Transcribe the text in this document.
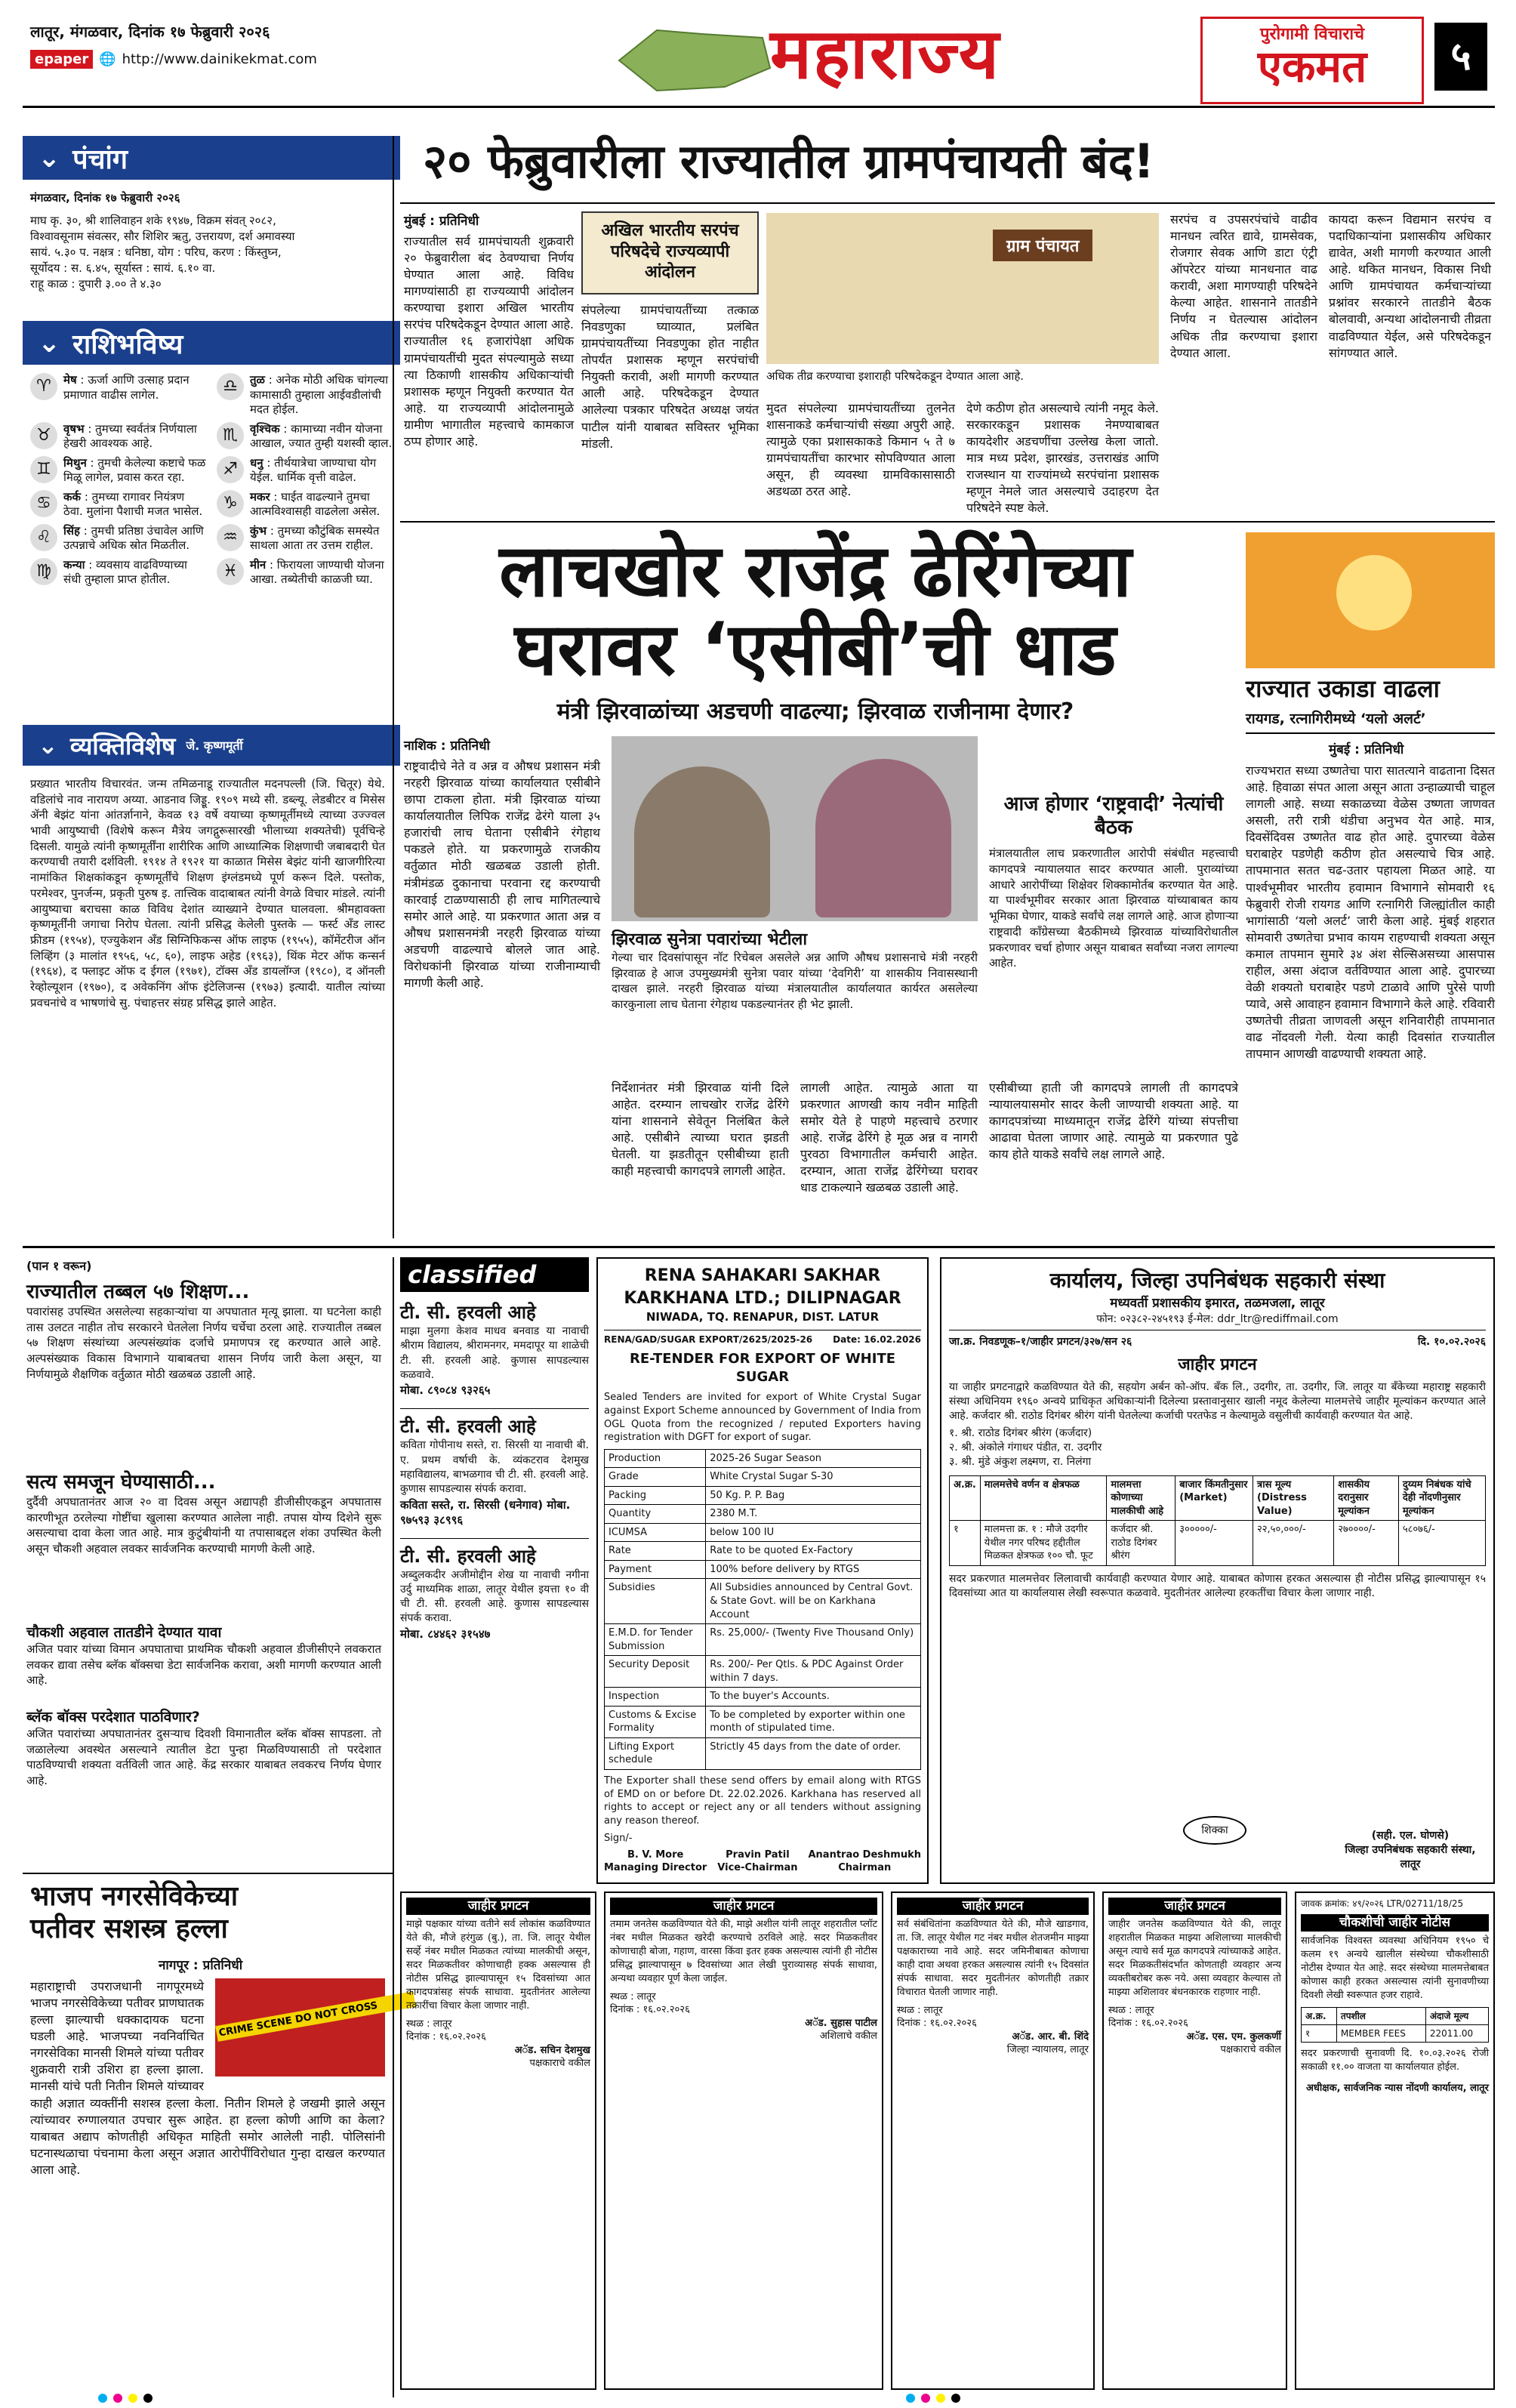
लातूर, मंगळवार, दिनांक १७ फेब्रुवारी २०२६
epaper 🌐 http://www.dainikekmat.com	महाराज्य	पुरोगामी विचाराचे
एकमत	५
⌄ पंचांग
मंगळवार, दिनांक १७ फेब्रुवारी २०२६
माघ कृ. ३०, श्री शालिवाहन शके १९४७, विक्रम संवत् २०८२,
विश्वावसूनाम संवत्सर, सौर शिशिर ऋतु, उत्तरायण, दर्श अमावस्या
सायं. ५.३० प. नक्षत्र : धनिष्ठा, योग : परिघ, करण : किंस्तुघ्न,
सूर्योदय : स. ६.४५, सूर्यास्त : सायं. ६.१० वा.
राहू काळ : दुपारी ३.०० ते ४.३०
⌄ राशिभविष्य
♈	मेष : ऊर्जा आणि उत्साह प्रदान प्रमाणात वाढीस लागेल.	♎	तुळ : अनेक मोठी अधिक चांगल्या कामासाठी तुम्हाला आईवडीलांची मदत होईल.
♉	वृषभ : तुमच्या स्वर्वतंत्र निर्णयाला हेखरी आवश्यक आहे.	♏	वृश्चिक : कामाच्या नवीन योजना आखाल, ज्यात तुम्ही यशस्वी व्हाल.
♊	मिथुन : तुमची केलेल्या कष्टाचे फळ मिळू लागेल, प्रवास करत रहा.	♐	धनु : तीर्थयात्रेचा जाण्याचा योग येईल. धार्मिक वृत्ती वाढेल.
♋	कर्क : तुमच्या रागावर नियंत्रण ठेवा. मुलांना पैशाची मजत भासेल.	♑	मकर : घाईत वाढल्याने तुमचा आत्मविश्वासही वाढलेला असेल.
♌	सिंह : तुमची प्रतिष्ठा उंचावेल आणि उत्पन्नाचे अधिक स्रोत मिळतील.	♒	कुंभ : तुमच्या कौटुंबिक समस्येत साथला आता तर उत्तम राहील.
♍	कन्या : व्यवसाय वाढविण्याच्या संधी तुम्हाला प्राप्त होतील.	♓	मीन : फिरायला जाण्याची योजना आखा. तब्येतीची काळजी घ्या.
⌄ व्यक्तिविशेष जे. कृष्णमूर्ती
प्रख्यात भारतीय विचारवंत. जन्म तमिळनाडू राज्यातील मदनपल्ली (जि. चितूर) येथे. वडिलांचे नाव नारायण अय्या. आडनाव जिड्डू. १९०९ मध्ये सी. डब्ल्यू. लेडबीटर व मिसेस ॲनी बेझंट यांना आंतर्ज्ञानाने, केवळ १३ वर्षे वयाच्या कृष्णमूर्तीमध्ये त्याच्या उज्ज्वल भावी आयुष्याची (विशेषे करून मैत्रेय जगद्गुरूसारखी भीलाच्या शक्यतेची) पूर्वचिन्हे दिसली. यामुळे त्यांनी कृष्णमूर्तींना शारीरिक आणि आध्यात्मिक शिक्षणाची जबाबदारी घेत करण्याची तयारी दर्शविली. १९१४ ते १९२१ या काळात मिसेस बेझंट यांनी खाजगीरित्या नामांकित शिक्षकांकडून कृष्णमूर्तींचे शिक्षण इंग्लंडमध्ये पूर्ण करून दिले. पस्तोक, परमेश्वर, पुनर्जन्म, प्रकृती पुरुष इ. तात्त्विक वादाबाबत त्यांनी वेगळे विचार मांडले. त्यांनी आयुष्याचा बराचसा काळ विविध देशांत व्याख्याने देण्यात घालवला. श्रीमहावक्ता कृष्णमूर्तींनी जगाचा निरोप घेतला. त्यांनी प्रसिद्ध केलेली पुस्तके — फर्स्ट अँड लास्ट फ्रीडम (१९५४), एज्युकेशन अँड सिग्निफिकन्स ऑफ लाइफ (१९५५), कॉमेंटरीज ऑन लिव्हिंग (३ मालांत १९५६, ५८, ६०), लाइफ अहेड (१९६३), थिंक मेटर ऑफ कन्सर्न (१९६४), द फ्लाइट ऑफ द ईगल (१९७१), टॉक्स अँड डायलॉग्ज (१९८०), द ऑनली रेव्होल्यूशन (१९७०), द अवेकनिंग ऑफ इंटेलिजन्स (१९७३) इत्यादी. यातील त्यांच्या प्रवचनांचे व भाषणांचे सु. पंचाहत्तर संग्रह प्रसिद्ध झाले आहेत.
२० फेब्रुवारीला राज्यातील ग्रामपंचायती बंद!
मुंबई : प्रतिनिधी
राज्यातील सर्व ग्रामपंचायती शुक्रवारी २० फेब्रुवारीला बंद ठेवण्याचा निर्णय घेण्यात आला आहे. विविध मागण्यांसाठी हा राज्यव्यापी आंदोलन करण्याचा इशारा अखिल भारतीय सरपंच परिषदेकडून देण्यात आला आहे. राज्यातील १६ हजारांपेक्षा अधिक ग्रामपंचायतींची मुदत संपल्यामुळे सध्या त्या ठिकाणी शासकीय अधिकाऱ्यांची प्रशासक म्हणून नियुक्ती करण्यात येत आहे. या राज्यव्यापी आंदोलनामुळे ग्रामीण भागातील महत्त्वाचे कामकाज ठप्प होणार आहे.
अखिल भारतीय सरपंच परिषदेचे राज्यव्यापी आंदोलन
संपलेल्या ग्रामपंचायतींच्या तत्काळ निवडणुका घ्याव्यात, प्रलंबित ग्रामपंचायतींच्या निवडणुका होत नाहीत तोपर्यंत प्रशासक म्हणून सरपंचांची नियुक्ती करावी, अशी मागणी करण्यात आली आहे. परिषदेकडून देण्यात आलेल्या पत्रकार परिषदेत अध्यक्ष जयंत पाटील यांनी याबाबत सविस्तर भूमिका मांडली.
ग्राम पंचायत
अधिक तीव्र करण्याचा इशाराही परिषदेकडून देण्यात आला आहे.
मुदत संपलेल्या ग्रामपंचायतींच्या तुलनेत शासनाकडे कर्मचाऱ्यांची संख्या अपुरी आहे. त्यामुळे एका प्रशासकाकडे किमान ५ ते ७ ग्रामपंचायतींचा कारभार सोपविण्यात आला असून, ही व्यवस्था ग्रामविकासासाठी अडथळा ठरत आहे.
देणे कठीण होत असल्याचे त्यांनी नमूद केले. सरकारकडून प्रशासक नेमण्याबाबत कायदेशीर अडचणींचा उल्लेख केला जातो. मात्र मध्य प्रदेश, झारखंड, उत्तराखंड आणि राजस्थान या राज्यांमध्ये सरपंचांना प्रशासक म्हणून नेमले जात असल्याचे उदाहरण देत परिषदेने स्पष्ट केले.
सरपंच व उपसरपंचांचे वाढीव मानधन त्वरित द्यावे, ग्रामसेवक, रोजगार सेवक आणि डाटा एंट्री ऑपरेटर यांच्या मानधनात वाढ करावी, अशा मागण्याही परिषदेने केल्या आहेत. शासनाने तातडीने निर्णय न घेतल्यास आंदोलन अधिक तीव्र करण्याचा इशारा देण्यात आला.
कायदा करून विद्यमान सरपंच व पदाधिकाऱ्यांना प्रशासकीय अधिकार द्यावेत, अशी मागणी करण्यात आली आहे. थकित मानधन, विकास निधी आणि ग्रामपंचायत कर्मचाऱ्यांच्या प्रश्नांवर सरकारने तातडीने बैठक बोलवावी, अन्यथा आंदोलनाची तीव्रता वाढविण्यात येईल, असे परिषदेकडून सांगण्यात आले.
लाचखोर राजेंद्र ढेरिंगेच्या
घरावर ‘एसीबी’ची धाड
मंत्री झिरवाळांच्या अडचणी वाढल्या; झिरवाळ राजीनामा देणार?
नाशिक : प्रतिनिधी
राष्ट्रवादीचे नेते व अन्न व औषध प्रशासन मंत्री नरहरी झिरवाळ यांच्या कार्यालयात एसीबीने छापा टाकला होता. मंत्री झिरवाळ यांच्या कार्यालयातील लिपिक राजेंद्र ढेरंगे याला ३५ हजारांची लाच घेताना एसीबीने रंगेहाथ पकडले होते. या प्रकरणामुळे राजकीय वर्तुळात मोठी खळबळ उडाली होती. मंत्रीमंडळ दुकानाचा परवाना रद्द करण्याची कारवाई टाळण्यासाठी ही लाच मागितल्याचे समोर आले आहे. या प्रकरणात आता अन्न व औषध प्रशासनमंत्री नरहरी झिरवाळ यांच्या अडचणी वाढल्याचे बोलले जात आहे. विरोधकांनी झिरवाळ यांच्या राजीनाम्याची मागणी केली आहे.
झिरवाळ सुनेत्रा पवारांच्या भेटीला
गेल्या चार दिवसांपासून नॉट रिचेबल असलेले अन्न आणि औषध प्रशासनाचे मंत्री नरहरी झिरवाळ हे आज उपमुख्यमंत्री सुनेत्रा पवार यांच्या ‘देवगिरी’ या शासकीय निवासस्थानी दाखल झाले. नरहरी झिरवाळ यांच्या मंत्रालयातील कार्यालयात कार्यरत असलेल्या कारकुनाला लाच घेताना रंगेहाथ पकडल्यानंतर ही भेट झाली.
आज होणार ‘राष्ट्रवादी’ नेत्यांची बैठक
मंत्रालयातील लाच प्रकरणातील आरोपी संबंधीत महत्त्वाची कागदपत्रे न्यायालयात सादर करण्यात आली. पुराव्यांच्या आधारे आरोपींच्या शिक्षेवर शिक्कामोर्तब करण्यात येत आहे. या पार्श्वभूमीवर सरकार आता झिरवाळ यांच्याबाबत काय भूमिका घेणार, याकडे सर्वांचे लक्ष लागले आहे. आज होणाऱ्या राष्ट्रवादी काँग्रेसच्या बैठकीमध्ये झिरवाळ यांच्याविरोधातील प्रकरणावर चर्चा होणार असून याबाबत सर्वांच्या नजरा लागल्या आहेत.
निर्देशानंतर मंत्री झिरवाळ यांनी दिले आहेत. दरम्यान लाचखोर राजेंद्र ढेरिंगे यांना शासनाने सेवेतून निलंबित केले आहे. एसीबीने त्याच्या घरात झडती घेतली. या झडतीतून एसीबीच्या हाती काही महत्त्वाची कागदपत्रे लागली आहेत.
लागली आहेत. त्यामुळे आता या प्रकरणात आणखी काय नवीन माहिती समोर येते हे पाहणे महत्त्वाचे ठरणार आहे. राजेंद्र ढेरिंगे हे मूळ अन्न व नागरी पुरवठा विभागातील कर्मचारी आहेत. दरम्यान, आता राजेंद्र ढेरिंगेच्या घरावर धाड टाकल्याने खळबळ उडाली आहे.
एसीबीच्या हाती जी कागदपत्रे लागली ती कागदपत्रे न्यायालयासमोर सादर केली जाण्याची शक्यता आहे. या कागदपत्रांच्या माध्यमातून राजेंद्र ढेरिंगे यांच्या संपत्तीचा आढावा घेतला जाणार आहे. त्यामुळे या प्रकरणात पुढे काय होते याकडे सर्वांचे लक्ष लागले आहे.
राज्यात उकाडा वाढला
रायगड, रत्नागिरीमध्ये ‘यलो अलर्ट’
मुंबई : प्रतिनिधी
राज्यभरात सध्या उष्णतेचा पारा सातत्याने वाढताना दिसत आहे. हिवाळा संपत आला असून आता उन्हाळ्याची चाहूल लागली आहे. सध्या सकाळच्या वेळेस उष्णता जाणवत असली, तरी रात्री थंडीचा अनुभव येत आहे. मात्र, दिवसेंदिवस उष्णतेत वाढ होत आहे. दुपारच्या वेळेस घराबाहेर पडणेही कठीण होत असल्याचे चित्र आहे. तापमानात सतत चढ-उतार पहायला मिळत आहे. या पार्श्वभूमीवर भारतीय हवामान विभागाने सोमवारी १६ फेब्रुवारी रोजी रायगड आणि रत्नागिरी जिल्ह्यांतील काही भागांसाठी ‘यलो अलर्ट’ जारी केला आहे. मुंबई शहरात सोमवारी उष्णतेचा प्रभाव कायम राहण्याची शक्यता असून कमाल तापमान सुमारे ३४ अंश सेल्सिअसच्या आसपास राहील, असा अंदाज वर्तविण्यात आला आहे. दुपारच्या वेळी शक्यतो घराबाहेर पडणे टाळावे आणि पुरेसे पाणी प्यावे, असे आवाहन हवामान विभागाने केले आहे. रविवारी उष्णतेची तीव्रता जाणवली असून शनिवारीही तापमानात वाढ नोंदवली गेली. येत्या काही दिवसांत राज्यातील तापमान आणखी वाढण्याची शक्यता आहे.
(पान १ वरून)
राज्यातील तब्बल ५७ शिक्षण...
पवारांसह उपस्थित असलेल्या सहकाऱ्यांचा या अपघातात मृत्यू झाला. या घटनेला काही तास उलटत नाहीत तोच सरकारने घेतलेला निर्णय चर्चेचा ठरला आहे. राज्यातील तब्बल ५७ शिक्षण संस्थांच्या अल्पसंख्यांक दर्जाचे प्रमाणपत्र रद्द करण्यात आले आहे. अल्पसंख्याक विकास विभागाने याबाबतचा शासन निर्णय जारी केला असून, या निर्णयामुळे शैक्षणिक वर्तुळात मोठी खळबळ उडाली आहे.
सत्य समजून घेण्यासाठी...
दुर्दैवी अपघातानंतर आज २० वा दिवस असून अद्यापही डीजीसीएकडून अपघातास कारणीभूत ठरलेल्या गोष्टींचा खुलासा करण्यात आलेला नाही. तपास योग्य दिशेने सुरू असल्याचा दावा केला जात आहे. मात्र कुटुंबीयांनी या तपासाबद्दल शंका उपस्थित केली असून चौकशी अहवाल लवकर सार्वजनिक करण्याची मागणी केली आहे.
चौकशी अहवाल तातडीने देण्यात यावा
अजित पवार यांच्या विमान अपघाताचा प्राथमिक चौकशी अहवाल डीजीसीएने लवकरात लवकर द्यावा तसेच ब्लॅक बॉक्सचा डेटा सार्वजनिक करावा, अशी मागणी करण्यात आली आहे.
ब्लॅक बॉक्स परदेशात पाठविणार?
अजित पवारांच्या अपघातानंतर दुसऱ्याच दिवशी विमानातील ब्लॅक बॉक्स सापडला. तो जळालेल्या अवस्थेत असल्याने त्यातील डेटा पुन्हा मिळविण्यासाठी तो परदेशात पाठविण्याची शक्यता वर्तविली जात आहे. केंद्र सरकार याबाबत लवकरच निर्णय घेणार आहे.
भाजप नगरसेविकेच्या
पतीवर सशस्त्र हल्ला
नागपूर : प्रतिनिधी
CRIME SCENE DO NOT CROSS
महाराष्ट्राची उपराजधानी नागपूरमध्ये भाजप नगरसेविकेच्या पतीवर प्राणघातक हल्ला झाल्याची धक्कादायक घटना घडली आहे. भाजपच्या नवनिर्वाचित नगरसेविका मानसी शिमले यांच्या पतीवर शुक्रवारी रात्री उशिरा हा हल्ला झाला. मानसी यांचे पती नितीन शिमले यांच्यावर काही अज्ञात व्यक्तींनी सशस्त्र हल्ला केला. नितीन शिमले हे जखमी झाले असून त्यांच्यावर रुग्णालयात उपचार सुरू आहेत. हा हल्ला कोणी आणि का केला? याबाबत अद्याप कोणतीही अधिकृत माहिती समोर आलेली नाही. पोलिसांनी घटनास्थळाचा पंचनामा केला असून अज्ञात आरोपींविरोधात गुन्हा दाखल करण्यात आला आहे.
classified
टी. सी. हरवली आहे
माझा मुलगा केशव माधव बनवाड या नावाची श्रीराम विद्यालय, श्रीरामनगर, ममदापूर या शाळेची टी. सी. हरवली आहे. कुणास सापडल्यास कळवावे.
मोबा. ८९०८४ ९३२६५
टी. सी. हरवली आहे
कविता गोपीनाथ सस्ते, रा. सिरसी या नावाची बी. ए. प्रथम वर्षाची के. व्यंकटराव देशमुख महाविद्यालय, बाभळगाव ची टी. सी. हरवली आहे. कुणास सापडल्यास संपर्क करावा.
कविता सस्ते, रा. सिरसी (धनेगाव) मोबा. ९७५९३ ३८९९६
टी. सी. हरवली आहे
अब्दुलकदीर अजीमोद्दीन शेख या नावाची नगीना उर्दु माध्यमिक शाळा, लातूर येथील इयत्ता १० वी ची टी. सी. हरवली आहे. कुणास सापडल्यास संपर्क करावा.
मोबा. ८४४६२ ३१५४७
RENA SAHAKARI SAKHAR
KARKHANA LTD.; DILIPNAGAR
NIWADA, TQ. RENAPUR, DIST. LATUR
RENA/GAD/SUGAR EXPORT/2625/2025-26 Date: 16.02.2026
RE-TENDER FOR EXPORT OF WHITE SUGAR
Sealed Tenders are invited for export of White Crystal Sugar against Export Scheme announced by Government of India from OGL Quota from the recognized / reputed Exporters having registration with DGFT for export of sugar.
Production	2025-26 Sugar Season
Grade	White Crystal Sugar S-30
Packing	50 Kg. P. P. Bag
Quantity	2380 M.T.
ICUMSA	below 100 IU
Rate	Rate to be quoted Ex-Factory
Payment	100% before delivery by RTGS
Subsidies	All Subsidies announced by Central Govt. & State Govt. will be on Karkhana Account
E.M.D. for Tender Submission	Rs. 25,000/- (Twenty Five Thousand Only)
Security Deposit	Rs. 200/- Per Qtls. & PDC Against Order within 7 days.
Inspection	To the buyer's Accounts.
Customs & Excise Formality	To be completed by exporter within one month of stipulated time.
Lifting Export schedule	Strictly 45 days from the date of order.
The Exporter shall these send offers by email along with RTGS of EMD on or before Dt. 22.02.2026. Karkhana has reserved all rights to accept or reject any or all tenders without assigning any reason thereof.
Sign/-
B. V. More
Managing Director
Pravin Patil
Vice-Chairman
Anantrao Deshmukh
Chairman
कार्यालय, जिल्हा उपनिबंधक सहकारी संस्था
मध्यवर्ती प्रशासकीय इमारत, तळमजला, लातूर
फोन: ०२३८२-२४५१९३ ई-मेल: ddr_ltr@rediffmail.com
जा.क्र. निवडणूक–१/जाहीर प्रगटन/३२७/सन २६	दि. १०.०२.२०२६
जाहीर प्रगटन
या जाहीर प्रगटनाद्वारे कळविण्यात येते की, सहयोग अर्बन को-ऑप. बँक लि., उदगीर, ता. उदगीर, जि. लातूर या बँकेच्या महाराष्ट्र सहकारी संस्था अधिनियम १९६० अन्वये प्राधिकृत अधिकाऱ्यांनी दिलेल्या प्रस्तावानुसार खाली नमूद केलेल्या मालमत्तेचे जाहीर मूल्यांकन करण्यात आले आहे. कर्जदार श्री. राठोड दिगंबर श्रीरंग यांनी घेतलेल्या कर्जाची परतफेड न केल्यामुळे वसुलीची कार्यवाही करण्यात येत आहे.
१. श्री. राठोड दिगंबर श्रीरंग (कर्जदार)
२. श्री. अंकोले गंगाधर पंडीत, रा. उदगीर
३. श्री. मुंडे अंकुश लक्ष्मण, रा. निलंगा
अ.क्र.	मालमत्तेचे वर्णन व क्षेत्रफळ	मालमत्ता कोणाच्या मालकीची आहे	बाजार किंमतीनुसार (Market)	त्रास मूल्य (Distress Value)	शासकीय दरानुसार मूल्यांकन	दुय्यम निबंधक यांचे देही नोंदणीनुसार मूल्यांकन
१	मालमत्ता क्र. १ : मौजे उदगीर येथील नगर परिषद हद्दीतील मिळकत क्षेत्रफळ १०० चौ. फूट	कर्जदार श्री. राठोड दिगंबर श्रीरंग	३०००००/-	२२,५०,०००/-	२७००००/-	५८०७६/-
सदर प्रकरणात मालमत्तेवर लिलावाची कार्यवाही करण्यात येणार आहे. याबाबत कोणास हरकत असल्यास ही नोटीस प्रसिद्ध झाल्यापासून १५ दिवसांच्या आत या कार्यालयास लेखी स्वरूपात कळवावे. मुदतीनंतर आलेल्या हरकतींचा विचार केला जाणार नाही.
शिक्का	(सही. एल. घोणसे)
जिल्हा उपनिबंधक सहकारी संस्था, लातूर
जाहीर प्रगटन
माझे पक्षकार यांच्या वतीने सर्व लोकांस कळविण्यात येते की, मौजे हरंगुळ (बु.), ता. जि. लातूर येथील सर्व्हे नंबर मधील मिळकत त्यांच्या मालकीची असून, सदर मिळकतीवर कोणाचाही हक्क असल्यास ही नोटीस प्रसिद्ध झाल्यापासून १५ दिवसांच्या आत कागदपत्रांसह संपर्क साधावा. मुदतीनंतर आलेल्या तक्रारींचा विचार केला जाणार नाही.
स्थळ : लातूर
दिनांक : १६.०२.२०२६
अॅड. सचिन देशमुख
पक्षकाराचे वकील
जाहीर प्रगटन
तमाम जनतेस कळविण्यात येते की, माझे अशील यांनी लातूर शहरातील प्लॉट नंबर मधील मिळकत खरेदी करण्याचे ठरविले आहे. सदर मिळकतीवर कोणाचाही बोजा, गहाण, वारसा किंवा इतर हक्क असल्यास त्यांनी ही नोटीस प्रसिद्ध झाल्यापासून ७ दिवसांच्या आत लेखी पुराव्यासह संपर्क साधावा, अन्यथा व्यवहार पूर्ण केला जाईल.
स्थळ : लातूर
दिनांक : १६.०२.२०२६
अॅड. सुहास पाटील
अशिलाचे वकील
जाहीर प्रगटन
सर्व संबंधितांना कळविण्यात येते की, मौजे खाडगाव, ता. जि. लातूर येथील गट नंबर मधील शेतजमीन माझ्या पक्षकाराच्या नावे आहे. सदर जमिनीबाबत कोणाचा काही दावा अथवा हरकत असल्यास त्यांनी १५ दिवसांत संपर्क साधावा. सदर मुदतीनंतर कोणतीही तक्रार विचारात घेतली जाणार नाही.
स्थळ : लातूर
दिनांक : १६.०२.२०२६
अॅड. आर. बी. शिंदे
जिल्हा न्यायालय, लातूर
जाहीर प्रगटन
जाहीर जनतेस कळविण्यात येते की, लातूर शहरातील मिळकत माझ्या अशिलाच्या मालकीची असून त्याचे सर्व मूळ कागदपत्रे त्यांच्याकडे आहेत. सदर मिळकतीसंदर्भात कोणताही व्यवहार अन्य व्यक्तीबरोबर करू नये. असा व्यवहार केल्यास तो माझ्या अशिलावर बंधनकारक राहणार नाही.
स्थळ : लातूर
दिनांक : १६.०२.२०२६
अॅड. एस. एम. कुलकर्णी
पक्षकाराचे वकील
जावक क्रमांक: ४९/२०२६ LTR/02711/18/25
चौकशीची जाहीर नोटीस
सार्वजनिक विश्वस्त व्यवस्था अधिनियम १९५० चे कलम १९ अन्वये खालील संस्थेच्या चौकशीसाठी नोटीस देण्यात येत आहे. सदर संस्थेच्या मालमत्तेबाबत कोणास काही हरकत असल्यास त्यांनी सुनावणीच्या दिवशी लेखी स्वरूपात हजर राहावे.
अ.क्र.	तपशील	अंदाजे मूल्य
१	MEMBER FEES	22011.00
सदर प्रकरणाची सुनावणी दि. १०.०३.२०२६ रोजी सकाळी ११.०० वाजता या कार्यालयात होईल.
अधीक्षक, सार्वजनिक न्यास नोंदणी कार्यालय, लातूर
